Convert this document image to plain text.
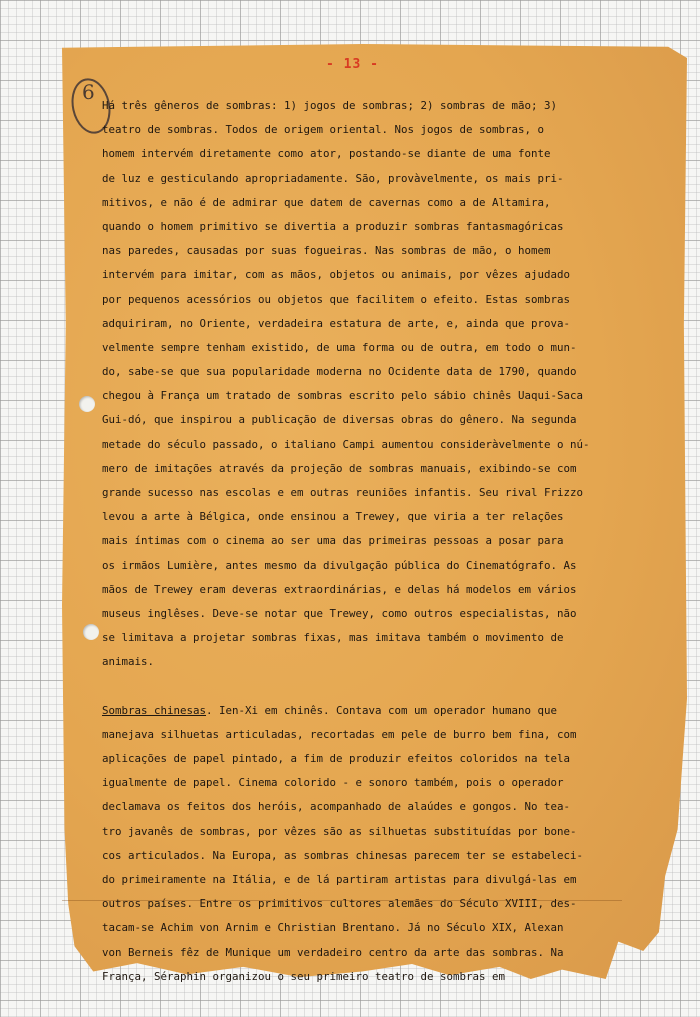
- 13 -
6
Há três gêneros de sombras: 1) jogos de sombras; 2) sombras de mão; 3)
teatro de sombras. Todos de origem oriental. Nos jogos de sombras, o
homem intervém diretamente como ator, postando-se diante de uma fonte
de luz e gesticulando apropriadamente. São, provàvelmente, os mais pri-
mitivos, e não é de admirar que datem de cavernas como a de Altamira,
quando o homem primitivo se divertia a produzir sombras fantasmagóricas
nas paredes, causadas por suas fogueiras. Nas sombras de mão, o homem
intervém para imitar, com as mãos, objetos ou animais, por vêzes ajudado
por pequenos acessórios ou objetos que facilitem o efeito. Estas sombras
adquiriram, no Oriente, verdadeira estatura de arte, e, ainda que prova-
velmente sempre tenham existido, de uma forma ou de outra, em todo o mun-
do, sabe-se que sua popularidade moderna no Ocidente data de 1790, quando
chegou à França um tratado de sombras escrito pelo sábio chinês Uaqui-Saca
Gui-dó, que inspirou a publicação de diversas obras do gênero. Na segunda
metade do século passado, o italiano Campi aumentou consideràvelmente o nú-
mero de imitações através da projeção de sombras manuais, exibindo-se com
grande sucesso nas escolas e em outras reuniões infantis. Seu rival Frizzo
levou a arte à Bélgica, onde ensinou a Trewey, que viria a ter relações
mais íntimas com o cinema ao ser uma das primeiras pessoas a posar para
os irmãos Lumière, antes mesmo da divulgação pública do Cinematógrafo. As
mãos de Trewey eram deveras extraordinárias, e delas há modelos em vários
museus inglêses. Deve-se notar que Trewey, como outros especialistas, não
se limitava a projetar sombras fixas, mas imitava também o movimento de
animais.
Sombras chinesas. Ien-Xi em chinês. Contava com um operador humano que
manejava silhuetas articuladas, recortadas em pele de burro bem fina, com
aplicações de papel pintado, a fim de produzir efeitos coloridos na tela
igualmente de papel. Cinema colorido - e sonoro também, pois o operador
declamava os feitos dos heróis, acompanhado de alaúdes e gongos. No tea-
tro javanês de sombras, por vêzes são as silhuetas substituídas por bone-
cos articulados. Na Europa, as sombras chinesas parecem ter se estabeleci-
do primeiramente na Itália, e de lá partiram artistas para divulgá-las em
outros países. Entre os primitivos cultores alemães do Século XVIII, des-
tacam-se Achim von Arnim e Christian Brentano. Já no Século XIX, Alexan
von Berneis fêz de Munique um verdadeiro centro da arte das sombras. Na
França, Séraphin organizou o seu primeiro teatro de sombras em
